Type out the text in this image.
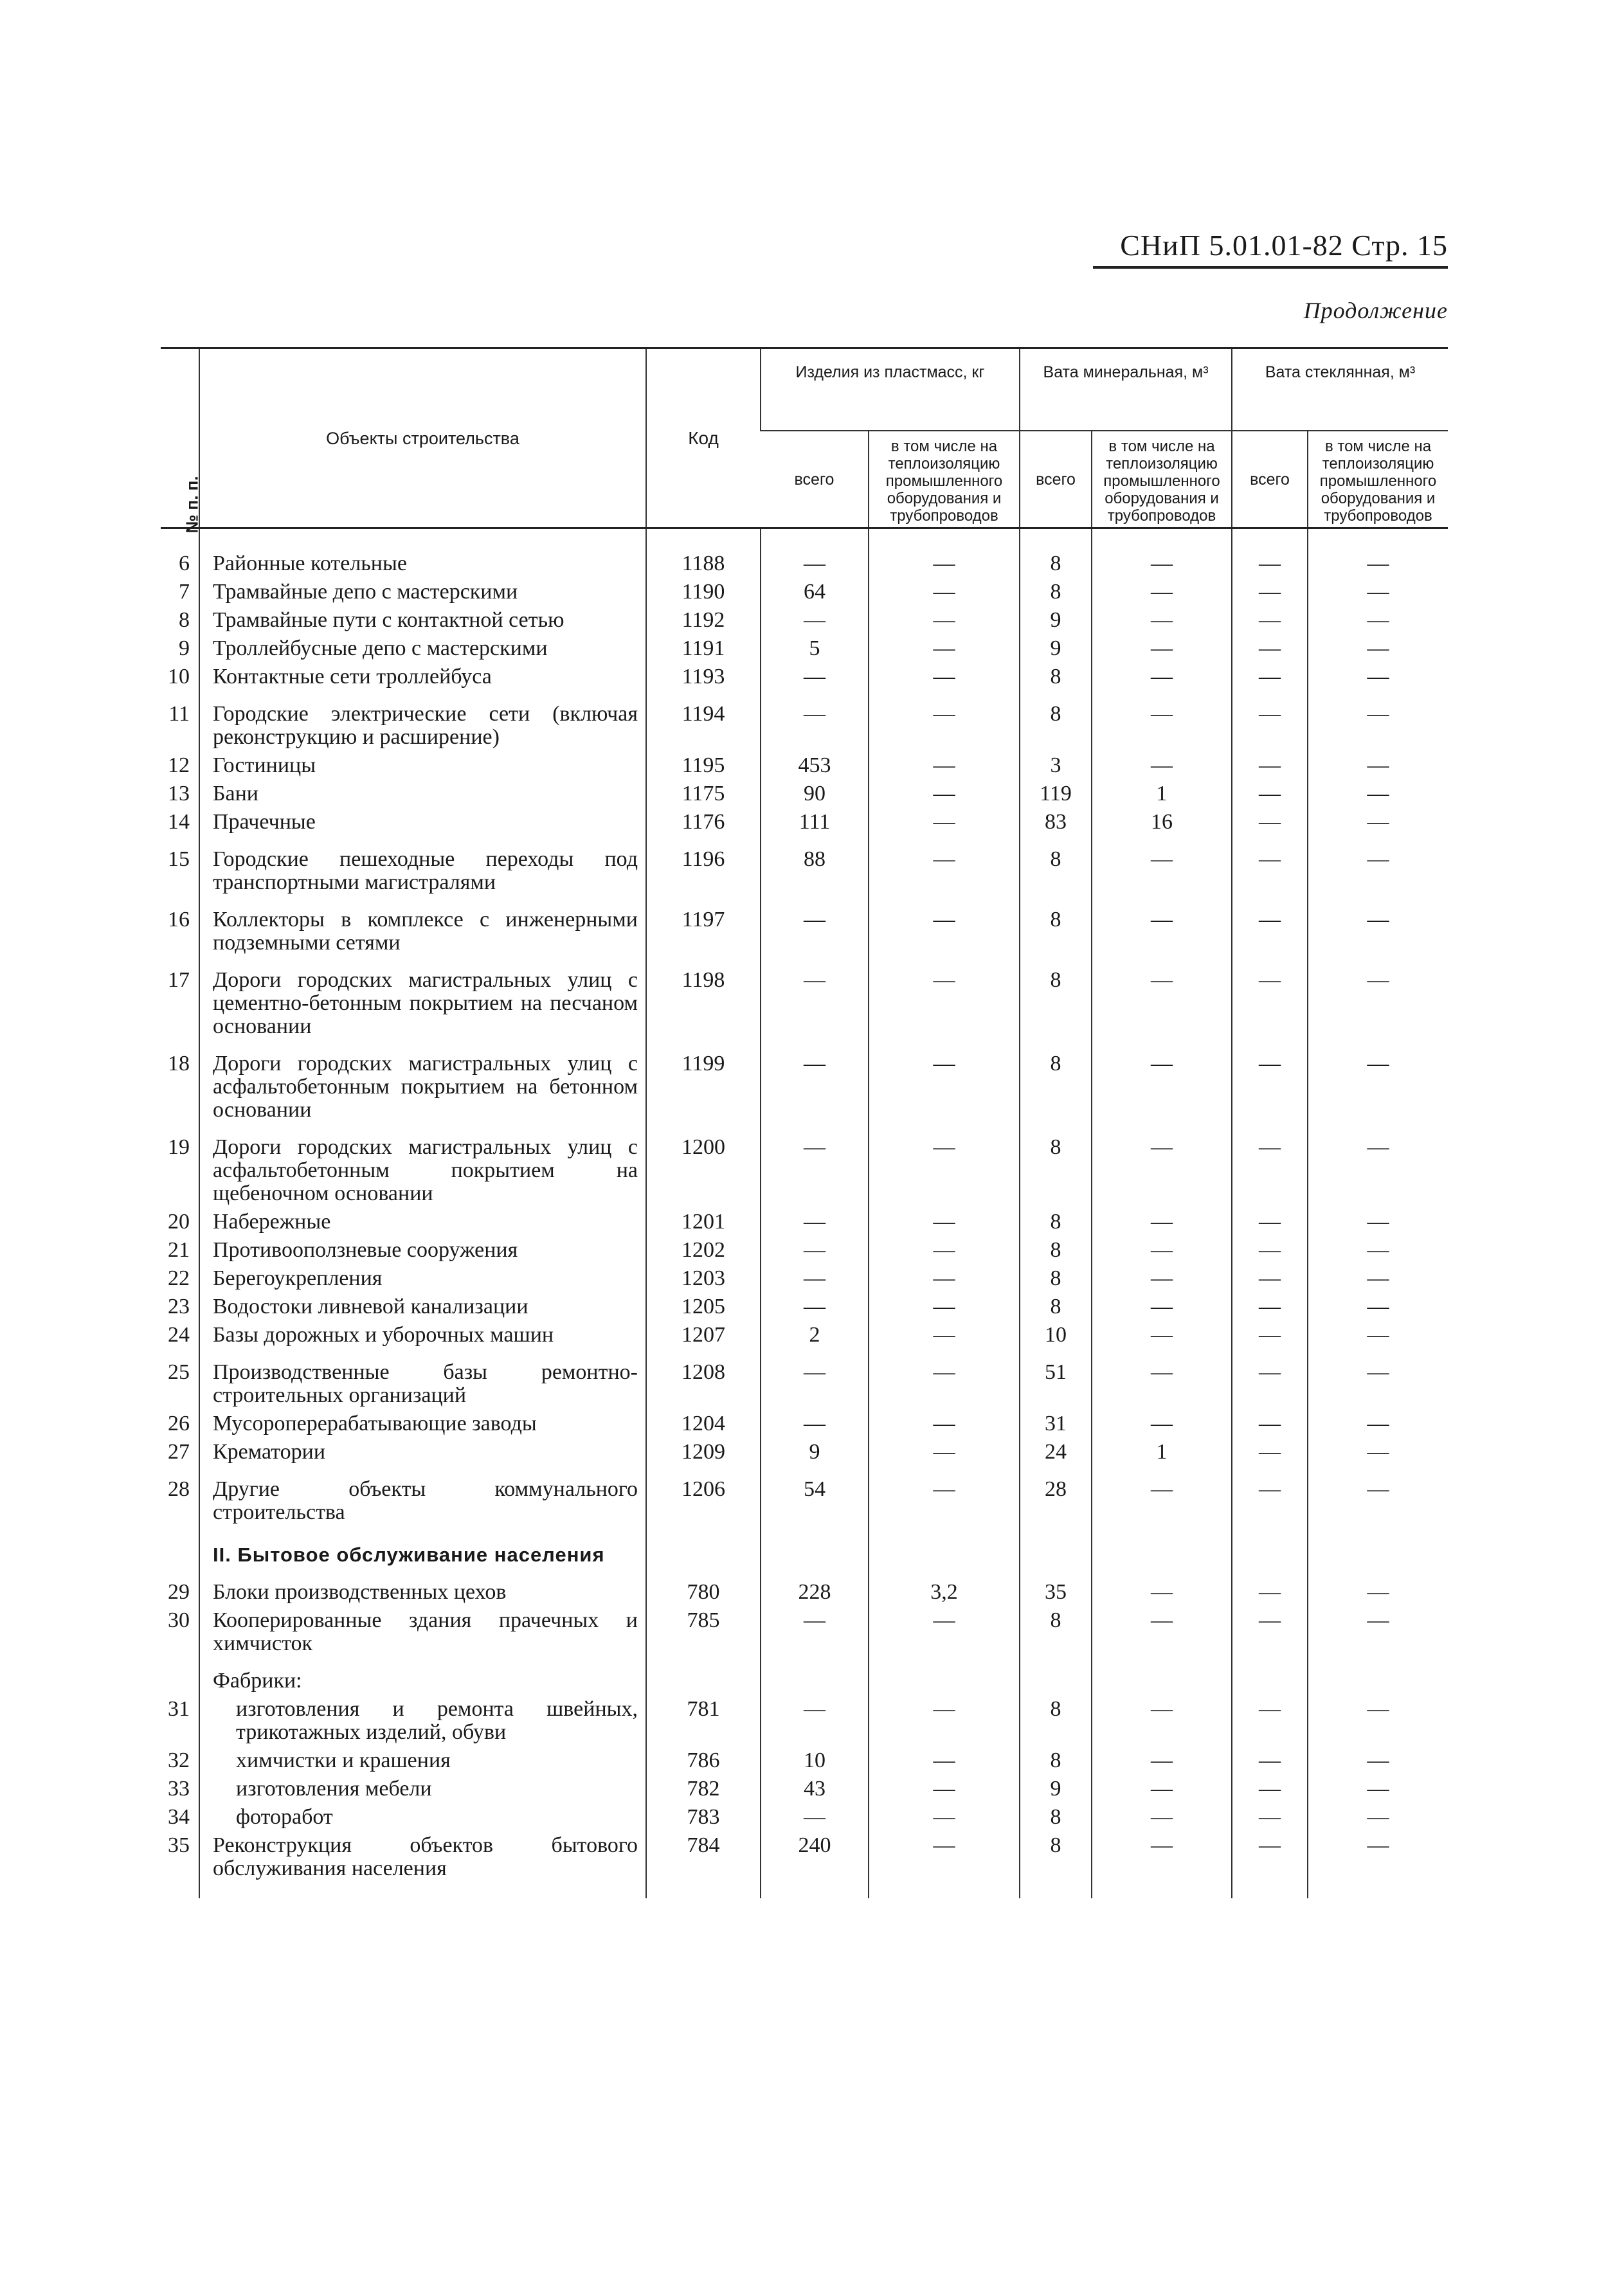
СНиП 5.01.01-82 Стр. 15
Продолжение
№ п. п.	Объекты строительства	Код	Изделия из пластмасс, кг		Вата минеральная, м³		Вата стеклянная, м³	
			всего	в том числе на теплоизоляцию промышленного оборудования и трубопроводов	всего	в том числе на теплоизоляцию промышленного оборудования и трубопроводов	всего	в том числе на теплоизоляцию промышленного оборудования и трубопроводов
6	Районные котельные	1188	—	—	8	—	—	—
7	Трамвайные депо с мастерскими	1190	64	—	8	—	—	—
8	Трамвайные пути с контактной сетью	1192	—	—	9	—	—	—
9	Троллейбусные депо с мастерскими	1191	5	—	9	—	—	—
10	Контактные сети троллейбуса	1193	—	—	8	—	—	—
11	Городские электрические сети (включая реконструкцию и расширение)	1194	—	—	8	—	—	—
12	Гостиницы	1195	453	—	3	—	—	—
13	Бани	1175	90	—	119	1	—	—
14	Прачечные	1176	111	—	83	16	—	—
15	Городские пешеходные переходы под транспортными магистралями	1196	88	—	8	—	—	—
16	Коллекторы в комплексе с инженерными подземными сетями	1197	—	—	8	—	—	—
17	Дороги городских магистральных улиц с цементно-бетонным покрытием на песчаном основании	1198	—	—	8	—	—	—
18	Дороги городских магистральных улиц с асфальтобетонным покрытием на бетонном основании	1199	—	—	8	—	—	—
19	Дороги городских магистральных улиц с асфальтобетонным покрытием на щебеночном основании	1200	—	—	8	—	—	—
20	Набережные	1201	—	—	8	—	—	—
21	Противооползневые сооружения	1202	—	—	8	—	—	—
22	Берегоукрепления	1203	—	—	8	—	—	—
23	Водостоки ливневой канализации	1205	—	—	8	—	—	—
24	Базы дорожных и уборочных машин	1207	2	—	10	—	—	—
25	Производственные базы ремонтно-строительных организаций	1208	—	—	51	—	—	—
26	Мусороперерабатывающие заводы	1204	—	—	31	—	—	—
27	Крематории	1209	9	—	24	1	—	—
28	Другие объекты коммунального строительства	1206	54	—	28	—	—	—
	II. Бытовое обслуживание населения							
29	Блоки производственных цехов	780	228	3,2	35	—	—	—
30	Кооперированные здания прачечных и химчисток	785	—	—	8	—	—	—
	Фабрики:							
31	изготовления и ремонта швейных, трикотажных изделий, обуви	781	—	—	8	—	—	—
32	химчистки и крашения	786	10	—	8	—	—	—
33	изготовления мебели	782	43	—	9	—	—	—
34	фоторабот	783	—	—	8	—	—	—
35	Реконструкция объектов бытового обслуживания населения	784	240	—	8	—	—	—
